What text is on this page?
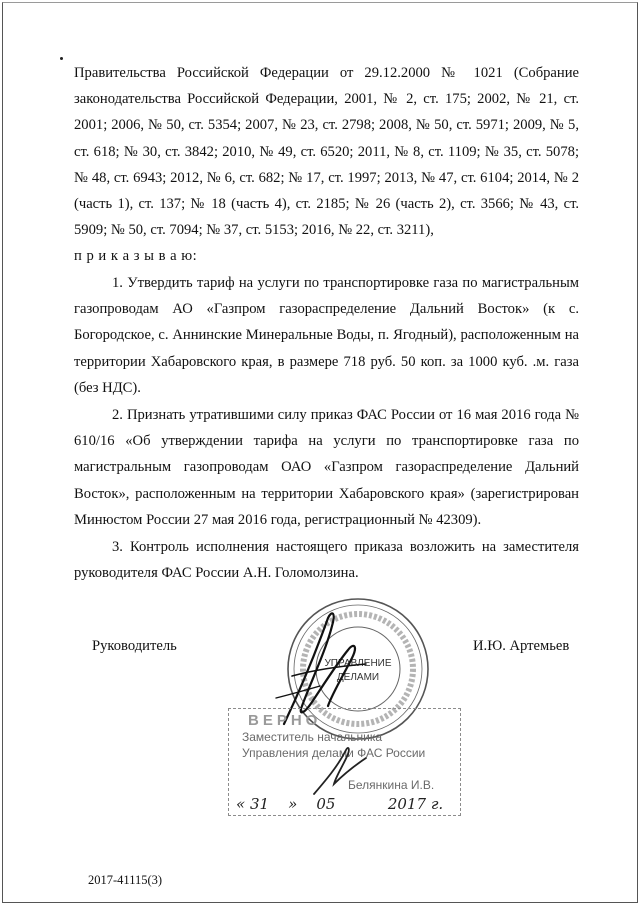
Правительства Российской Федерации от 29.12.2000 № 1021 (Собрание законодательства Российской Федерации, 2001, № 2, ст. 175; 2002, № 21, ст. 2001; 2006, № 50, ст. 5354; 2007, № 23, ст. 2798; 2008, № 50, ст. 5971; 2009, № 5, ст. 618; № 30, ст. 3842; 2010, № 49, ст. 6520; 2011, № 8, ст. 1109; № 35, ст. 5078; № 48, ст. 6943; 2012, № 6, ст. 682; № 17, ст. 1997; 2013, № 47, ст. 6104; 2014, № 2 (часть 1), ст. 137; № 18 (часть 4), ст. 2185; № 26 (часть 2), ст. 3566; № 43, ст. 5909; № 50, ст. 7094; № 37, ст. 5153; 2016, № 22, ст. 3211),
п р и к а з ы в а ю:
1. Утвердить тариф на услуги по транспортировке газа по магистральным газопроводам АО «Газпром газораспределение Дальний Восток» (к с. Богородское, с. Аннинские Минеральные Воды, п. Ягодный), расположенным на территории Хабаровского края, в размере 718 руб. 50 коп. за 1000 куб. .м. газа (без НДС).
2. Признать утратившими силу приказ ФАС России от 16 мая 2016 года № 610/16 «Об утверждении тарифа на услуги по транспортировке газа по магистральным газопроводам ОАО «Газпром газораспределение Дальний Восток», расположенным на территории Хабаровского края» (зарегистрирован Минюстом России 27 мая 2016 года, регистрационный № 42309).
3. Контроль исполнения настоящего приказа возложить на заместителя руководителя ФАС России А.Н. Голомолзина.
Руководитель	И.Ю. Артемьев
УПРАВЛЕНИЕ
ДЕЛАМИ
ВЕРНО
Заместитель начальника
Управления делами ФАС России
Белянкина И.В.
« 31    »    05           2017 г.
2017-41115(3)
